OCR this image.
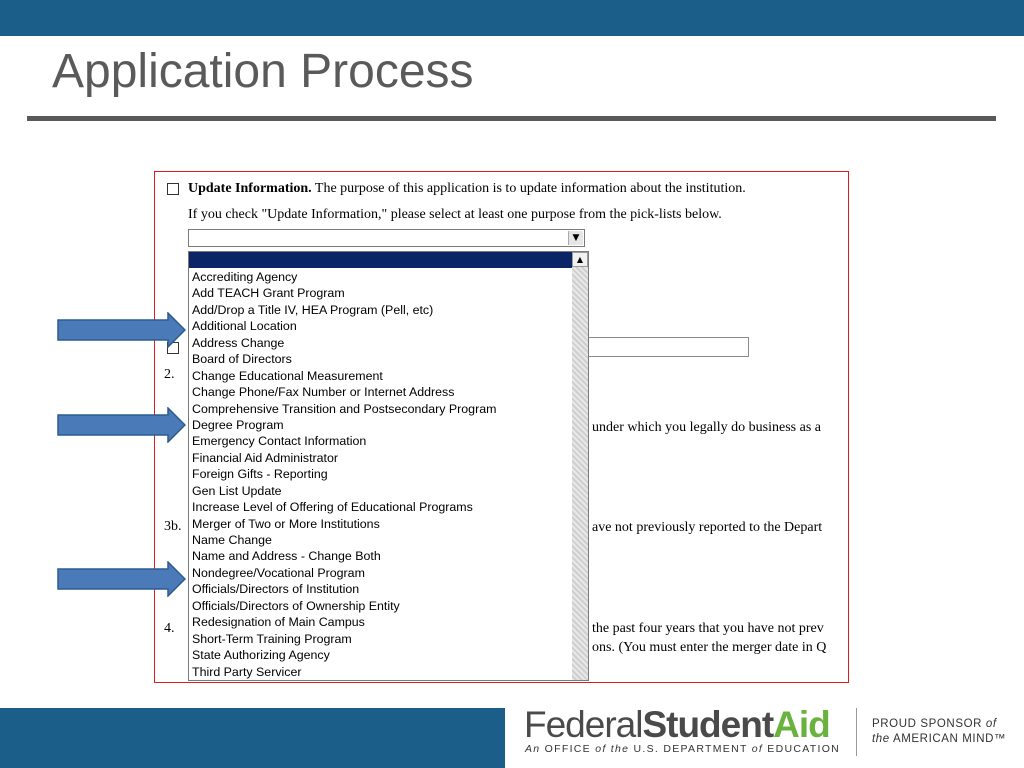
Application Process
Update Information. The purpose of this application is to update information about the institution.
If you check "Update Information," please select at least one purpose from the pick-lists below.
▼
2.
3b.
4.
under which you legally do business as a
ave not previously reported to the Depart
the past four years that you have not prev
ons. (You must enter the merger date in Q
Accrediting Agency
Add TEACH Grant Program
Add/Drop a Title IV, HEA Program (Pell, etc)
Additional Location
Address Change
Board of Directors
Change Educational Measurement
Change Phone/Fax Number or Internet Address
Comprehensive Transition and Postsecondary Program
Degree Program
Emergency Contact Information
Financial Aid Administrator
Foreign Gifts - Reporting
Gen List Update
Increase Level of Offering of Educational Programs
Merger of Two or More Institutions
Name Change
Name and Address - Change Both
Nondegree/Vocational Program
Officials/Directors of Institution
Officials/Directors of Ownership Entity
Redesignation of Main Campus
Short-Term Training Program
State Authorizing Agency
Third Party Servicer
▲
FederalStudentAid
An OFFICE of the U.S. DEPARTMENT of EDUCATION
PROUD SPONSOR of
the AMERICAN MIND™
